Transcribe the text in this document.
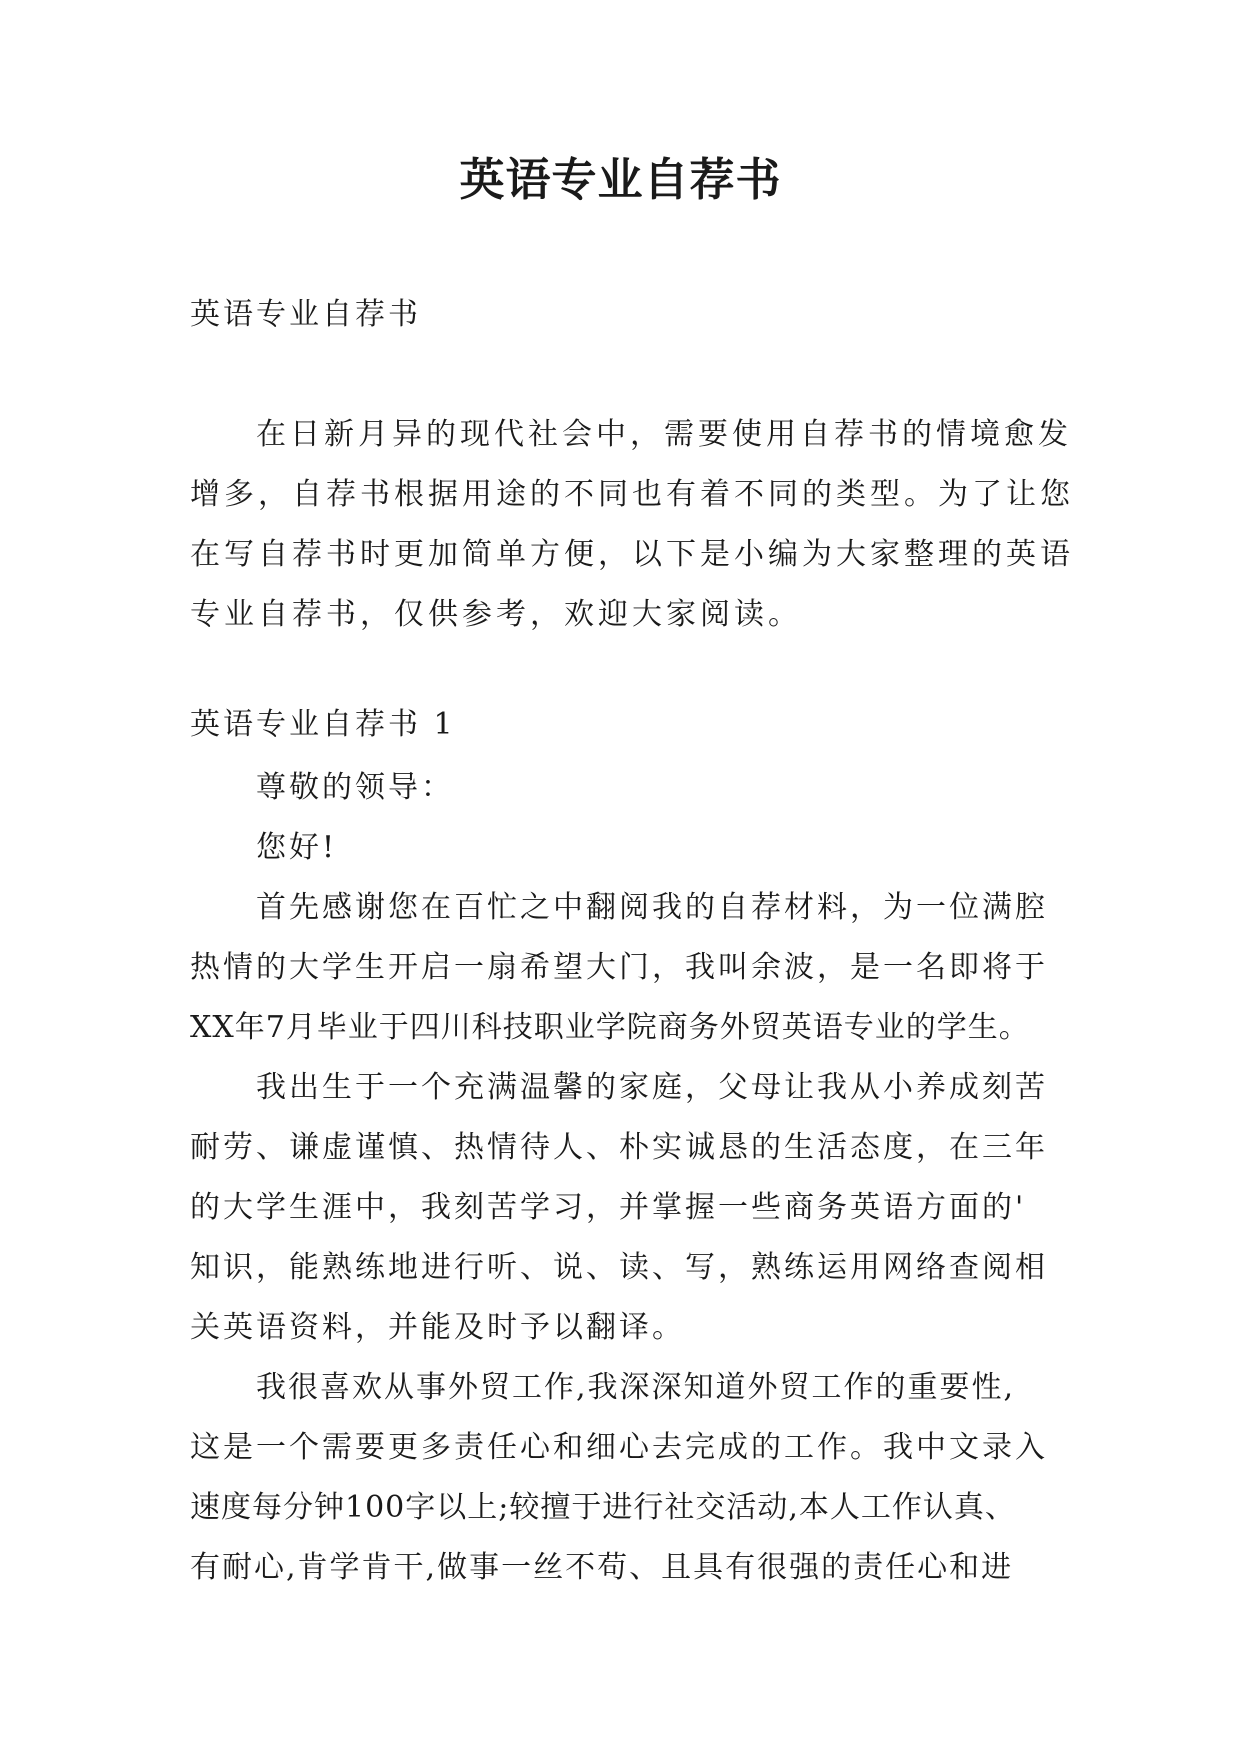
英语专业自荐书

英语专业自荐书

在日新月异的现代社会中，需要使用自荐书的情境愈发
增多，自荐书根据用途的不同也有着不同的类型。为了让您
在写自荐书时更加简单方便，以下是小编为大家整理的英语
专业自荐书，仅供参考，欢迎大家阅读。

英语专业自荐书 1
尊敬的领导：
您好!
首先感谢您在百忙之中翻阅我的自荐材料，为一位满腔
热情的大学生开启一扇希望大门，我叫余波，是一名即将于
XX年7月毕业于四川科技职业学院商务外贸英语专业的学生。
我出生于一个充满温馨的家庭，父母让我从小养成刻苦
耐劳、谦虚谨慎、热情待人、朴实诚恳的生活态度，在三年
的大学生涯中，我刻苦学习，并掌握一些商务英语方面的'
知识，能熟练地进行听、说、读、写，熟练运用网络查阅相
关英语资料，并能及时予以翻译。
我很喜欢从事外贸工作,我深深知道外贸工作的重要性,
这是一个需要更多责任心和细心去完成的工作。我中文录入
速度每分钟100字以上;较擅于进行社交活动,本人工作认真、
有耐心,肯学肯干,做事一丝不苟、且具有很强的责任心和进
